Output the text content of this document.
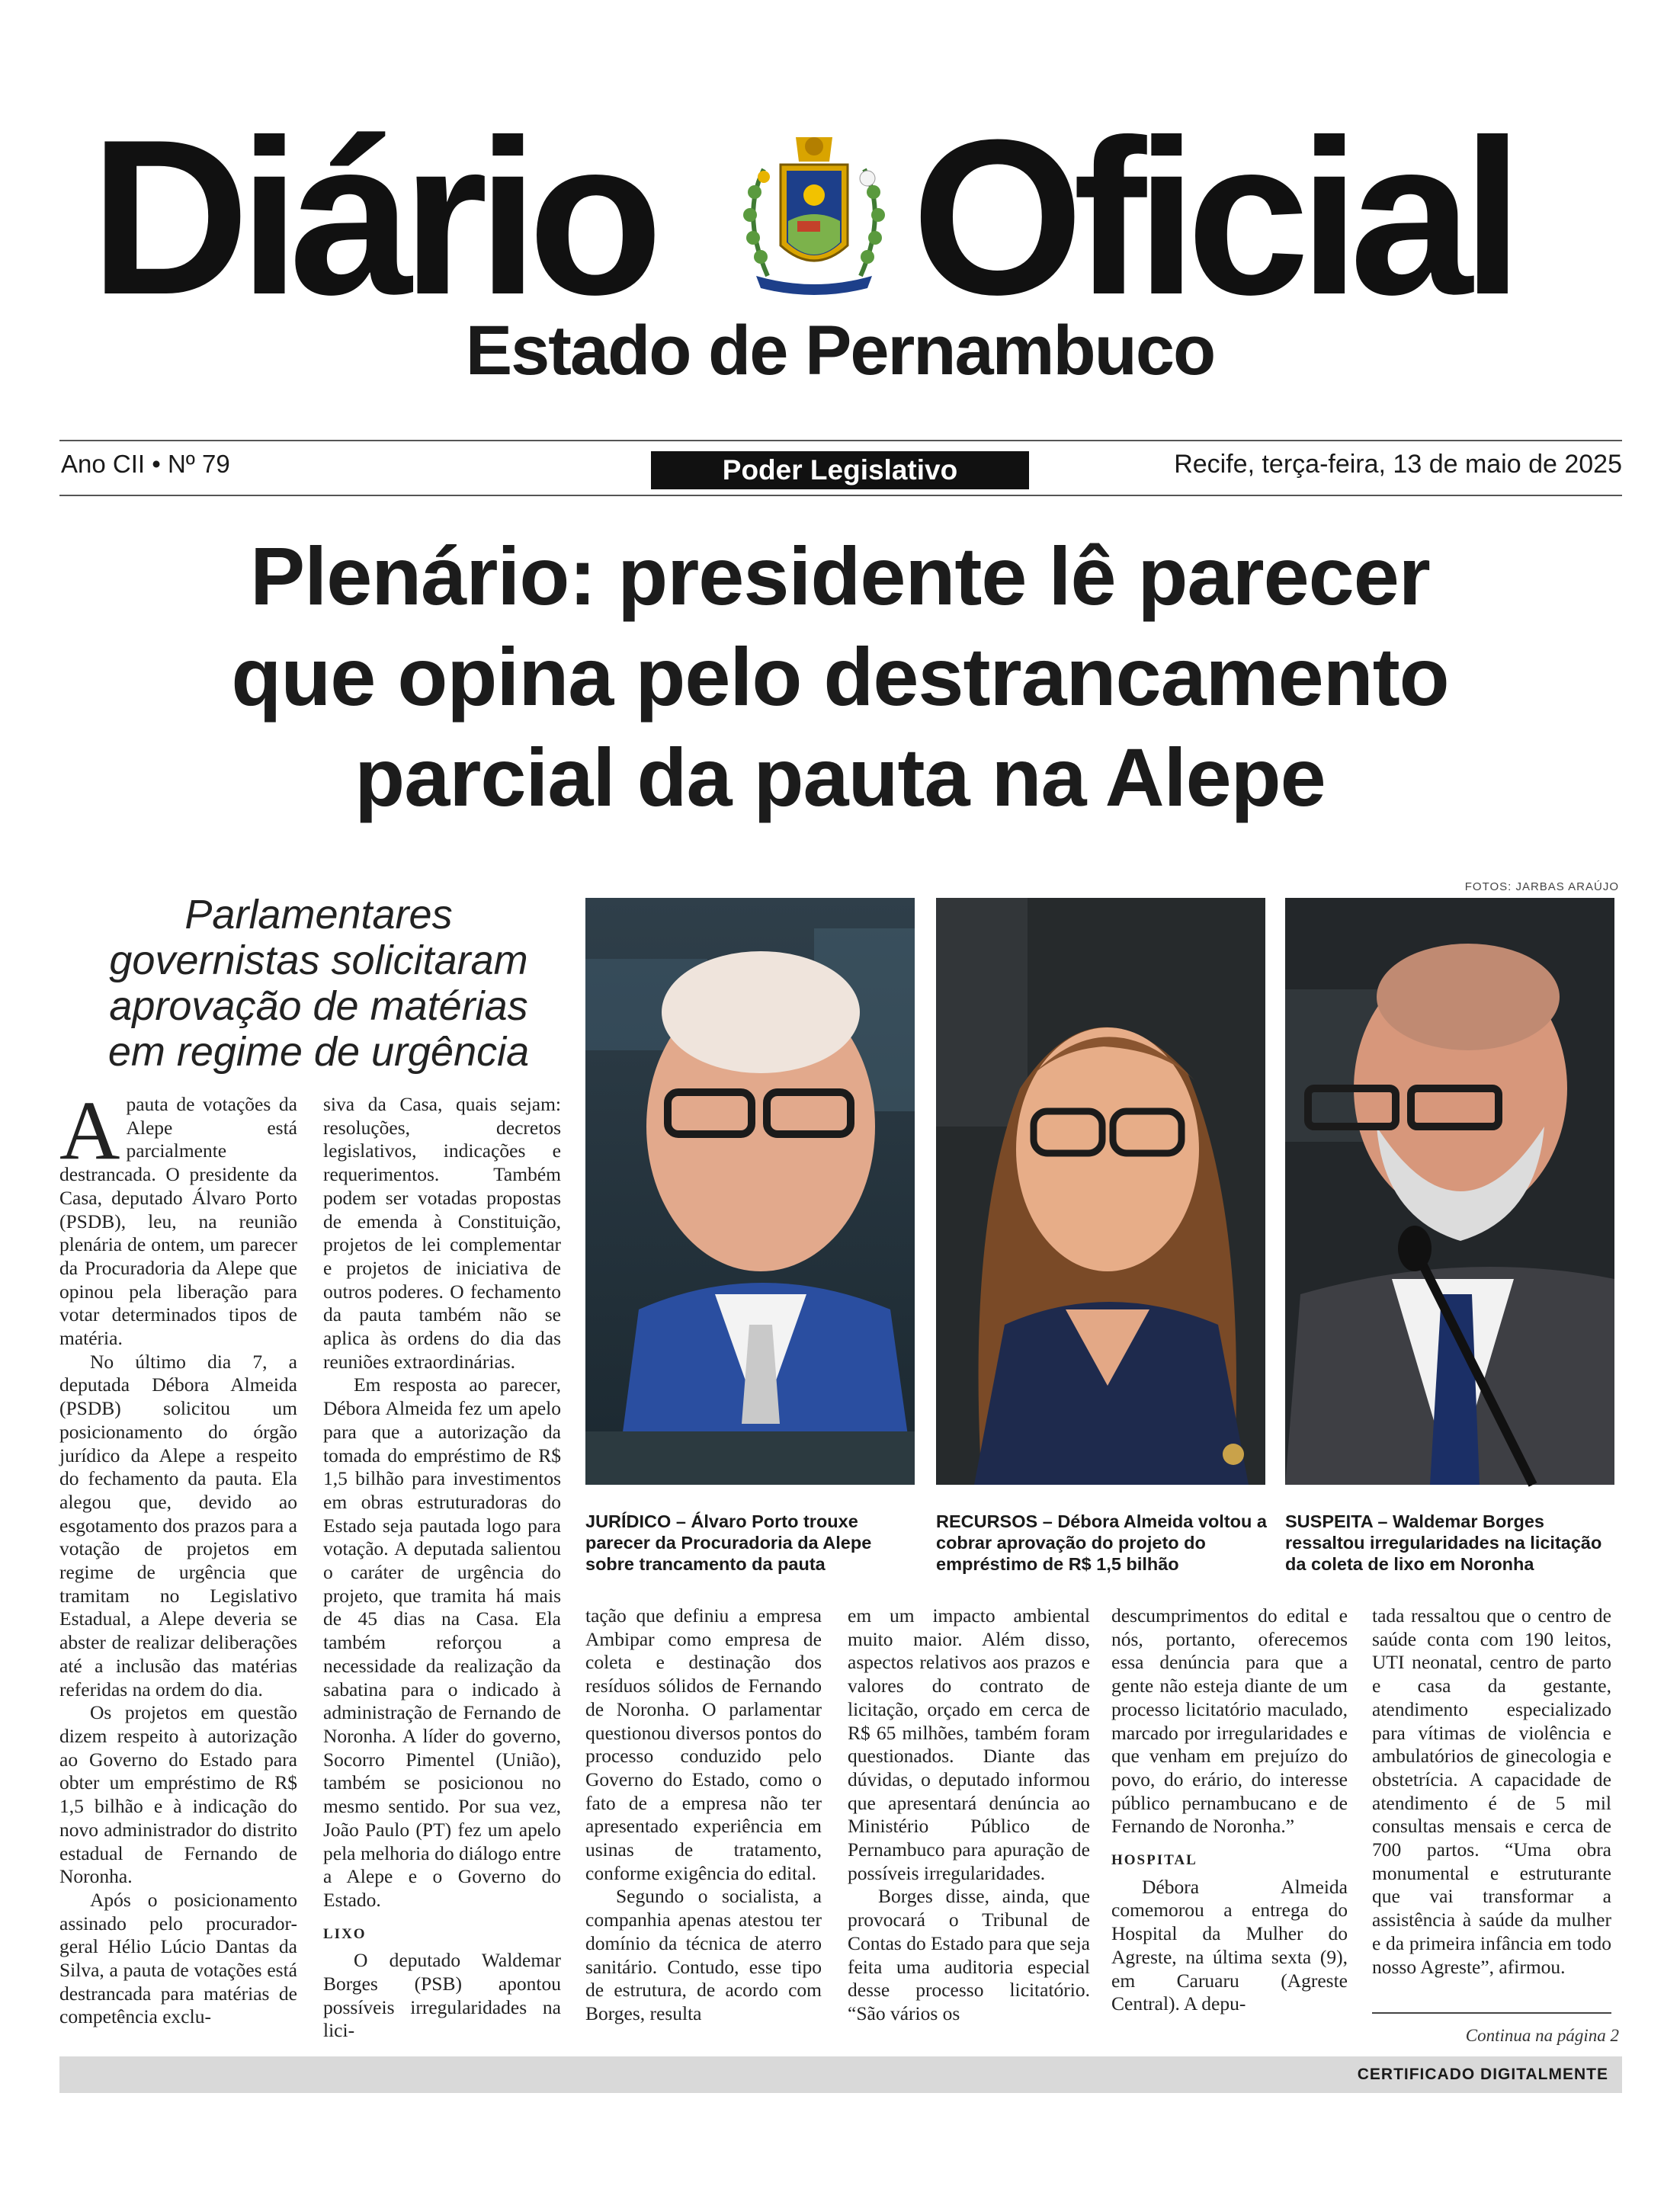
Diário Oficial
Estado de Pernambuco
Ano CII • Nº 79	Poder Legislativo	Recife, terça-feira, 13 de maio de 2025
Plenário: presidente lê parecer
que opina pelo destrancamento
parcial da pauta na Alepe
FOTOS: JARBAS ARAÚJO
Parlamentares
governistas solicitaram
aprovação de matérias
em regime de urgência

Apauta de votações da Alepe está parcialmente destrancada. O presidente da Casa, deputado Álvaro Porto (PSDB), leu, na reunião plenária de ontem, um parecer da Procuradoria da Alepe que opinou pela liberação para votar determinados tipos de matéria.

No último dia 7, a deputada Débora Almeida (PSDB) solicitou um posicionamento do órgão jurídico da Alepe a respeito do fechamento da pauta. Ela alegou que, devido ao esgotamento dos prazos para a votação de projetos em regime de urgência que tramitam no Legislativo Estadual, a Alepe deveria se abster de realizar deliberações até a inclusão das matérias referidas na ordem do dia.

Os projetos em questão dizem respeito à autorização ao Governo do Estado para obter um empréstimo de R$ 1,5 bilhão e à indicação do novo administrador do distrito estadual de Fernando de Noronha.

Após o posicionamento assinado pelo procurador-geral Hélio Lúcio Dantas da Silva, a pauta de votações está destrancada para matérias de competência exclu-

siva da Casa, quais sejam: resoluções, decretos legislativos, indicações e requerimentos. Também podem ser votadas propostas de emenda à Constituição, projetos de lei complementar e projetos de iniciativa de outros poderes. O fechamento da pauta também não se aplica às ordens do dia das reuniões extraordinárias.

Em resposta ao parecer, Débora Almeida fez um apelo para que a autorização da tomada do empréstimo de R$ 1,5 bilhão para investimentos em obras estruturadoras do Estado seja pautada logo para votação. A deputada salientou o caráter de urgência do projeto, que tramita há mais de 45 dias na Casa. Ela também reforçou a necessidade da realização da sabatina para o indicado à administração de Fernando de Noronha. A líder do governo, Socorro Pimentel (União), também se posicionou no mesmo sentido. Por sua vez, João Paulo (PT) fez um apelo pela melhoria do diálogo entre a Alepe e o Governo do Estado.

LIXO

O deputado Waldemar Borges (PSB) apontou possíveis irregularidades na lici-

JURÍDICO – Álvaro Porto trouxe parecer da Procuradoria da Alepe sobre trancamento da pauta
RECURSOS – Débora Almeida voltou a cobrar aprovação do projeto do empréstimo de R$ 1,5 bilhão
SUSPEITA – Waldemar Borges ressaltou irregularidades na licitação da coleta de lixo em Noronha

tação que definiu a empresa Ambipar como empresa de coleta e destinação dos resíduos sólidos de Fernando de Noronha. O parlamentar questionou diversos pontos do processo conduzido pelo Governo do Estado, como o fato de a empresa não ter apresentado experiência em usinas de tratamento, conforme exigência do edital.

Segundo o socialista, a companhia apenas atestou ter domínio da técnica de aterro sanitário. Contudo, esse tipo de estrutura, de acordo com Borges, resulta

em um impacto ambiental muito maior. Além disso, aspectos relativos aos prazos e valores do contrato de licitação, orçado em cerca de R$ 65 milhões, também foram questionados. Diante das dúvidas, o deputado informou que apresentará denúncia ao Ministério Público de Pernambuco para apuração de possíveis irregularidades.

Borges disse, ainda, que provocará o Tribunal de Contas do Estado para que seja feita uma auditoria especial desse processo licitatório. “São vários os

descumprimentos do edital e nós, portanto, oferecemos essa denúncia para que a gente não esteja diante de um processo licitatório maculado, marcado por irregularidades e que venham em prejuízo do povo, do erário, do interesse público pernambucano e de Fernando de Noronha.”

HOSPITAL

Débora Almeida comemorou a entrega do Hospital da Mulher do Agreste, na última sexta (9), em Caruaru (Agreste Central). A depu-

tada ressaltou que o centro de saúde conta com 190 leitos, UTI neonatal, centro de parto e casa da gestante, atendimento especializado para vítimas de violência e ambulatórios de ginecologia e obstetrícia. A capacidade de atendimento é de 5 mil consultas mensais e cerca de 700 partos. “Uma obra monumental e estruturante que vai transformar a assistência à saúde da mulher e da primeira infância em todo nosso Agreste”, afirmou.

Continua na página 2
CERTIFICADO DIGITALMENTE
